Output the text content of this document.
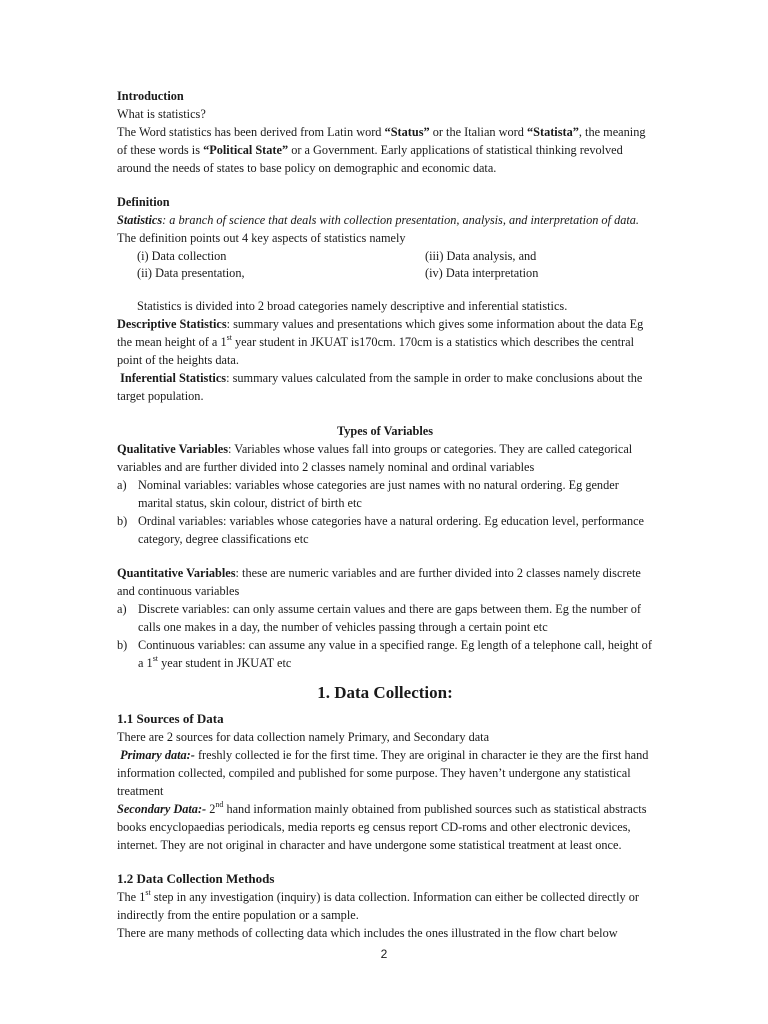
Introduction

What is statistics?

The Word statistics has been derived from Latin word “Status” or the Italian word “Statista”, the meaning of these words is “Political State” or a Government. Early applications of statistical thinking revolved around the needs of states to base policy on demographic and economic data.

Definition

Statistics: a branch of science that deals with collection presentation, analysis, and interpretation of data. The definition points out 4 key aspects of statistics namely

(i) Data collection	(iii) Data analysis, and
(ii) Data presentation,	(iv) Data interpretation

Statistics is divided into 2 broad categories namely descriptive and inferential statistics.

Descriptive Statistics: summary values and presentations which gives some information about the data Eg the mean height of a 1st year student in JKUAT is170cm. 170cm is a statistics which describes the central point of the heights data.

Inferential Statistics: summary values calculated from the sample in order to make conclusions about the target population.

Types of Variables

Qualitative Variables: Variables whose values fall into groups or categories. They are called categorical variables and are further divided into 2 classes namely nominal and ordinal variables

a) Nominal variables: variables whose categories are just names with no natural ordering. Eg gender marital status, skin colour, district of birth etc
b) Ordinal variables: variables whose categories have a natural ordering. Eg education level, performance category, degree classifications etc

Quantitative Variables: these are numeric variables and are further divided into 2 classes namely discrete and continuous variables

a) Discrete variables: can only assume certain values and there are gaps between them. Eg the number of calls one makes in a day, the number of vehicles passing through a certain point etc
b) Continuous variables: can assume any value in a specified range. Eg length of a telephone call, height of a 1st year student in JKUAT etc
1. Data Collection:
1.1 Sources of Data

There are 2 sources for data collection namely Primary, and Secondary data

Primary data:- freshly collected ie for the first time. They are original in character ie they are the first hand information collected, compiled and published for some purpose. They haven’t undergone any statistical treatment

Secondary Data:- 2nd hand information mainly obtained from published sources such as statistical abstracts books encyclopaedias periodicals, media reports eg census report CD-roms and other electronic devices, internet. They are not original in character and have undergone some statistical treatment at least once.

1.2 Data Collection Methods

The 1st step in any investigation (inquiry) is data collection. Information can either be collected directly or indirectly from the entire population or a sample.

There are many methods of collecting data which includes the ones illustrated in the flow chart below

2
